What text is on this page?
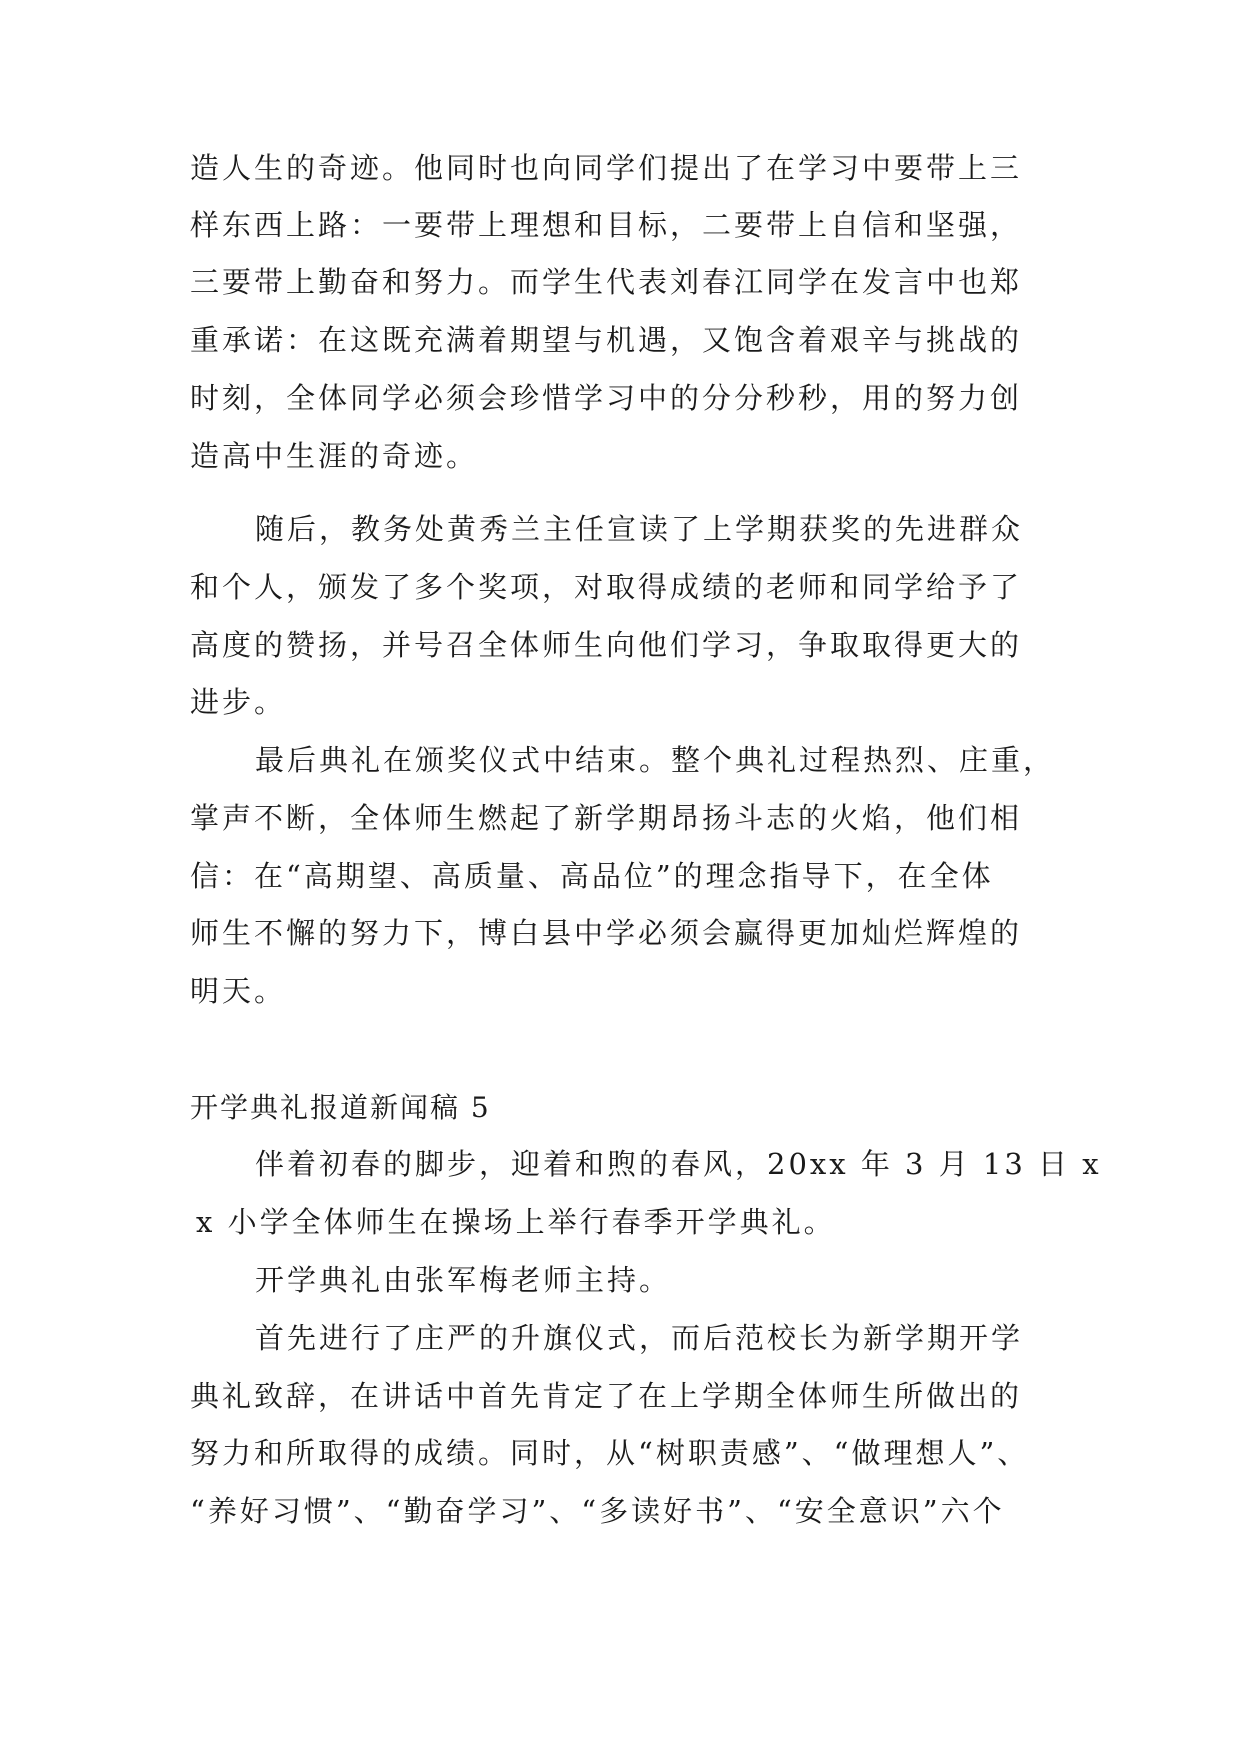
造人生的奇迹。他同时也向同学们提出了在学习中要带上三
样东西上路：一要带上理想和目标，二要带上自信和坚强，
三要带上勤奋和努力。而学生代表刘春江同学在发言中也郑
重承诺：在这既充满着期望与机遇，又饱含着艰辛与挑战的
时刻，全体同学必须会珍惜学习中的分分秒秒，用的努力创
造高中生涯的奇迹。
随后，教务处黄秀兰主任宣读了上学期获奖的先进群众
和个人，颁发了多个奖项，对取得成绩的老师和同学给予了
高度的赞扬，并号召全体师生向他们学习，争取取得更大的
进步。
最后典礼在颁奖仪式中结束。整个典礼过程热烈、庄重，
掌声不断，全体师生燃起了新学期昂扬斗志的火焰，他们相
信：在“高期望、高质量、高品位”的理念指导下，在全体
师生不懈的努力下，博白县中学必须会赢得更加灿烂辉煌的
明天。
开学典礼报道新闻稿 5
伴着初春的脚步，迎着和煦的春风，20xx 年 3 月 13 日 x
x 小学全体师生在操场上举行春季开学典礼。
开学典礼由张军梅老师主持。
首先进行了庄严的升旗仪式，而后范校长为新学期开学
典礼致辞，在讲话中首先肯定了在上学期全体师生所做出的
努力和所取得的成绩。同时，从“树职责感”、“做理想人”、
“养好习惯”、“勤奋学习”、“多读好书”、“安全意识”六个
